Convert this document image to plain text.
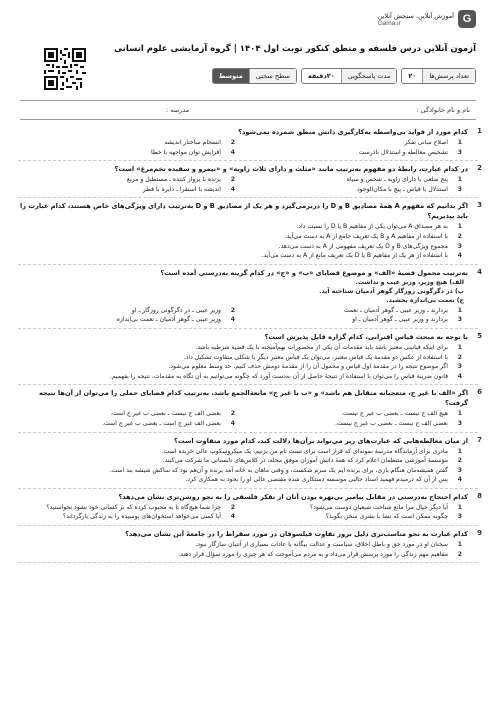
G
آموزش آنلاین، سنجش آنلاین
Gama.ir
آزمون آنلاین درس فلسفه و منطق کنکور نوبت اول ۱۴۰۴ | گروه آزمایشی علوم انسانی
تعداد پرسش‌ها
۲۰
مدت پاسخگویی
۲۰دقیقه
سطح سختی
متوسط
نام و نام خانوادگی :
مدرسه :
1
کدام مورد از فواید بی‌واسطه به‌کارگیری دانش منطق شمرده نمی‌شود؟
1
اصلاح مبانی تفکر
2
انسجام ساختار اندیشه
3
تشخیص مغالطه و استدلال نادرست
4
افزایش توان مواجهه با خطا
2
در کدام عبارت، رابطهٔ دو مفهوم به‌ترتیب مانند «مثلث و دارای ثلاث زاویه» و «نیمرو و سفیده تخم‌مرغ» است؟
1
پنج ضلعی با دارای زاویه ـ شخص و سیاه
2
پرنده با پرواز کننده ـ مستطیل و مربع
3
استدلال با قیاس ـ پیچ با مکان‌الوجود
4
اندیشه با استقرا ـ دایره با قطر
3
اگر بدانیم که مفهوم A همهٔ مصادیق B و D را دربرمی‌گیرد و هر یک از مصادیق B و D به‌ترتیب دارای ویژگی‌های خاص هستند، کدام عبارت را باید بپذیریم؟
1
به هر مصداق A می‌توان یکی از مفاهیم B یا D را نسبت داد.
2
با استفاده از مفاهیم A و B یک تعریف جامع از A به دست می‌آید.
3
مجموع ویژگی‌های B و D یک تعریف مفهومی از A به دست می‌دهد.
4
با استفاده از هر یک از مفاهیم B یا D یک تعریف مانع از A به دست می‌آید.
4
به‌ترتیب محمول قضیهٔ «الف» و موضوع قضایای «ب» و «ج» در کدام گزینه به‌درستی آمده است؟
الف) هیچ وزیر، وزیر عیب و نداشت.
ب) در دگرگونی روزگار گوهر آدمیان شناخته آید.
ج) نعمت بی‌اندازه بخشید.
1
بردارند ـ وزیر عیبی ـ گوهر آدمیان ـ نعمت
2
وزیر عیبی ـ در دگرگونی روزگار ـ او
3
بردارند و وزیر عیبی ـ گوهر آدمیان ـ او
4
وزیر عیبی ـ گوهر آدمیان ـ نعمت بی‌اندازه
5
با توجه به مبحث قیاس اقترانی، کدام گزاره قابل پذیرش است؟
1
برای اینکه قیاسی معتبر باشد باید مقدمات آن یکی از محصورات بهم‌آمیخته با یک قضیهٔ شرطیه باشد.
2
با استفاده از عکس دو مقدمهٔ یک قیاس معتبر، می‌توان یک قیاس معتبر دیگر با شکلی متفاوت تشکیل داد.
3
اگر موضوع نتیجه را در مقدمهٔ اول قیاس و محمول آن را از مقدمهٔ دومش حذف کنیم، حد وسط معلوم می‌شود.
4
قانون ضریبهٔ قیاس را می‌توان با استفاده از نتیجهٔ حاصل از آن به‌دست آورد که چگونه می‌توانیم به آن نگاه به مقدمات، نتیجه را بفهمیم.
6
اگر «الف با غیر ج، متعجبانه متقابل هم باشد» و «ب یا غیر ج» مانعةالجمع باشد، به‌ترتیب کدام قضایای حملی را می‌توان از آن‌ها نتیجه گرفت؟
1
هیچ الف ج نیست ـ بعضی ب غیر ج نیست.
2
بعضی الف ج نیست ـ بعضی ب غیر ج است.
3
بعضی الف ج نیست ـ بعضی ب غیر ج نیست.
4
بعضی الف غیر ج است ـ بعضی ب غیر ج است.
7
از میان مغالطه‌هایی که عبارت‌های زیر می‌تواند برآن‌ها دلالت کند، کدام مورد متفاوت است؟
1
مادری برای آرماندگاه مدرسهٔ نمونه‌ای که قرار است برای تست نام من بزنیم، یک میکروسکوپ عالی خریده است.
2
مؤسسهٔ آموزشی منتظمان اعلام کرد که همهٔ دانش آموزان موفق محله، در کلاس‌های تابستانی ما شرکت می‌کنند.
3
گفتن همیشه‌مان هنگام بازی، برای برنده ایم یک سرم شکست، و وقتی ماهان به خانه آمد برنده و آن‌هم بود که ساکش شیشه بند است.
4
پس از آن که درمیدم فهمید اسناد جالبی موسسه دستکاری شده مقتضی عالی او را بخود به همکاری کرد.
8
کدام احتجاج به‌درستی در مقابل پیامبر بی‌بهره بودن آنان از تفکر فلسفی را به نحو روشن‌تری نشان می‌دهد؟
1
آیا دیگر خیال مرا مانع شناخت شیعیانِ دوست می‌شود؟
2
چرا شما هیچ‌گاه تا به محبوب کرده که بر کسانی خود نشود نخواستید؟
3
چگونه ممکن است که نشا با بشری سخن بگوید؟
4
آیا کسی می‌خواهد استخوان‌های پوسیده را به زندگی بازگرداند؟
9
کدام عبارت به نحو مناسب‌تری دلیل بروز تفاوت فیلسوفان در مورد سقراط را در جامعهٔ آتن نشان می‌دهد؟
1
سخنان او در مورد حق و باطل اخلاق، سیاست و عدالت بیگانه با عادات بسیاری از آتنیان سازگار نبود.
2
مفاهیم مهم زندگی را مورد پرسش قرار می‌داد و به مردم می‌آموخت که هر چیزی را مورد سؤال قرار دهند.
